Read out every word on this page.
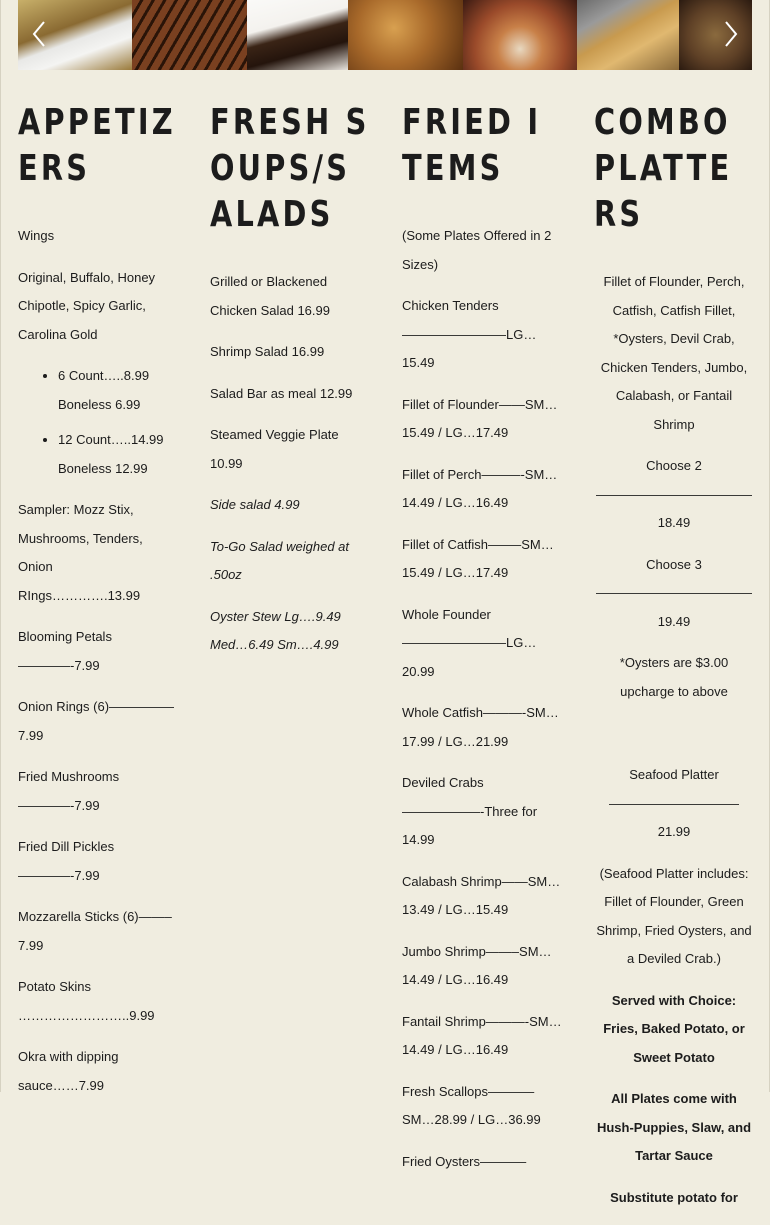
APPETIZERS

Wings

Original, Buffalo, Honey Chipotle, Spicy Garlic, Carolina Gold

• 6 Count…..8.99 Boneless 6.99
• 12 Count…..14.99 Boneless 12.99

Sampler: Mozz Stix, Mushrooms, Tenders, Onion RIngs………….13.99

Blooming Petals————-7.99

Onion Rings (6)—————7.99

Fried Mushrooms————-7.99

Fried Dill Pickles————-7.99

Mozzarella Sticks (6)——–7.99

Potato Skins ……………………..9.99

Okra with dipping sauce……7.99

FRESH SOUPS/SALADS

Grilled or Blackened Chicken Salad 16.99

Shrimp Salad 16.99

Salad Bar as meal 12.99

Steamed Veggie Plate 10.99

Side salad 4.99

To-Go Salad weighed at .50oz

Oyster Stew Lg….9.49 Med…6.49 Sm….4.99

FRIED ITEMS

(Some Plates Offered in 2 Sizes)

Chicken Tenders————————LG…15.49

Fillet of Flounder——SM…15.49 / LG…17.49

Fillet of Perch———-SM…14.49 / LG…16.49

Fillet of Catfish——–SM…15.49 / LG…17.49

Whole Founder————————LG…20.99

Whole Catfish———-SM…17.99 / LG…21.99

Deviled Crabs——————-Three for 14.99

Calabash Shrimp——SM…13.49 / LG…15.49

Jumbo Shrimp——–SM…14.49 / LG…16.49

Fantail Shrimp———-SM…14.49 / LG…16.49

Fresh Scallops———–SM…28.99 / LG…36.99

Fried Oysters———–

COMBO PLATTERS

Fillet of Flounder, Perch, Catfish, Catfish Fillet, *Oysters, Devil Crab, Chicken Tenders, Jumbo, Calabash, or Fantail Shrimp

Choose 2————————————18.49

Choose 3————————————19.49

*Oysters are $3.00 upcharge to above

Seafood Platter——————————21.99

(Seafood Platter includes: Fillet of Flounder, Green Shrimp, Fried Oysters, and a Deviled Crab.)

Served with Choice: Fries, Baked Potato, or Sweet Potato

All Plates come with Hush-Puppies, Slaw, and Tartar Sauce

Substitute potato for
